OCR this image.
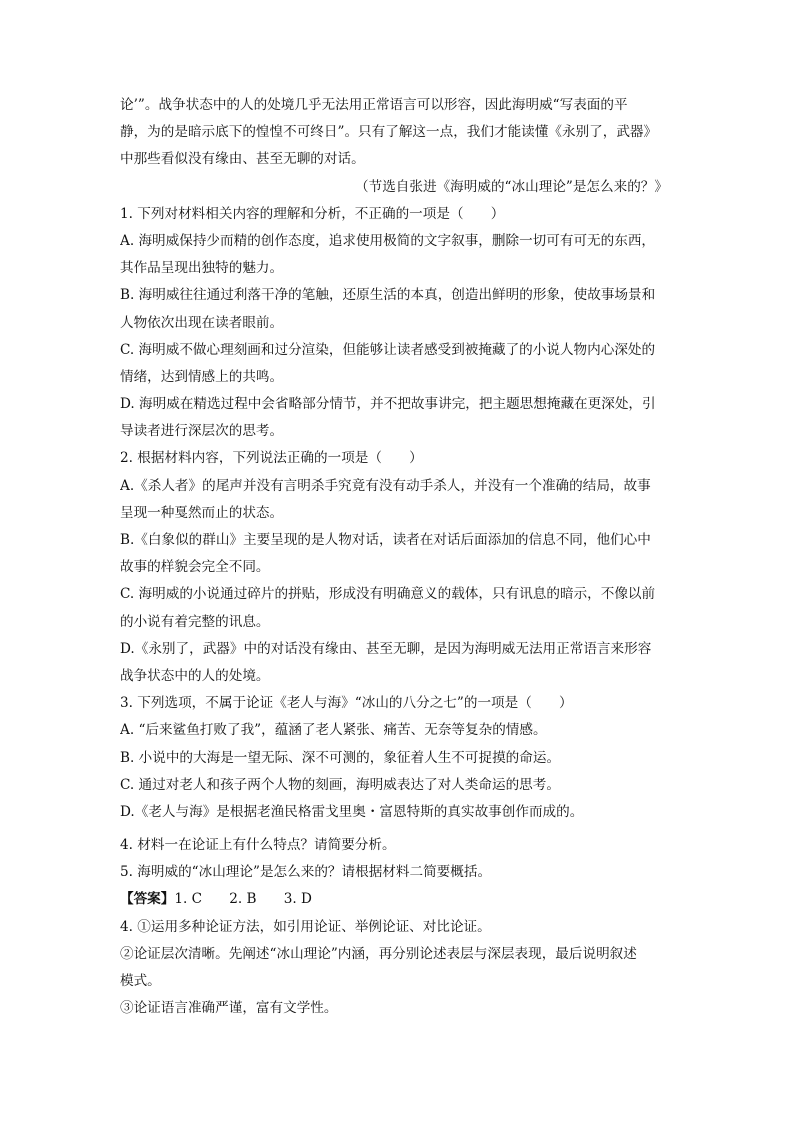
论’”。战争状态中的人的处境几乎无法用正常语言可以形容，因此海明威“写表面的平
静，为的是暗示底下的惶惶不可终日”。只有了解这一点，我们才能读懂《永别了，武器》
中那些看似没有缘由、甚至无聊的对话。
（节选自张进《海明威的“冰山理论”是怎么来的？》
1. 下列对材料相关内容的理解和分析，不正确的一项是（　　）
A. 海明威保持少而精的创作态度，追求使用极简的文字叙事，删除一切可有可无的东西，
其作品呈现出独特的魅力。
B. 海明威往往通过利落干净的笔触，还原生活的本真，创造出鲜明的形象，使故事场景和
人物依次出现在读者眼前。
C. 海明威不做心理刻画和过分渲染，但能够让读者感受到被掩藏了的小说人物内心深处的
情绪，达到情感上的共鸣。
D. 海明威在精选过程中会省略部分情节，并不把故事讲完，把主题思想掩藏在更深处，引
导读者进行深层次的思考。
2. 根据材料内容，下列说法正确的一项是（　　）
A.《杀人者》的尾声并没有言明杀手究竟有没有动手杀人，并没有一个准确的结局，故事
呈现一种戛然而止的状态。
B.《白象似的群山》主要呈现的是人物对话，读者在对话后面添加的信息不同，他们心中
故事的样貌会完全不同。
C. 海明威的小说通过碎片的拼贴，形成没有明确意义的载体，只有讯息的暗示，不像以前
的小说有着完整的讯息。
D.《永别了，武器》中的对话没有缘由、甚至无聊，是因为海明威无法用正常语言来形容
战争状态中的人的处境。
3. 下列选项，不属于论证《老人与海》“冰山的八分之七”的一项是（　　）
A. “后来鲨鱼打败了我”，蕴涵了老人紧张、痛苦、无奈等复杂的情感。
B. 小说中的大海是一望无际、深不可测的，象征着人生不可捉摸的命运。
C. 通过对老人和孩子两个人物的刻画，海明威表达了对人类命运的思考。
D.《老人与海》是根据老渔民格雷戈里奥・富恩特斯的真实故事创作而成的。
4. 材料一在论证上有什么特点？请简要分析。
5. 海明威的“冰山理论”是怎么来的？请根据材料二简要概括。
【答案】1. C　　2. B　　3. D
4. ①运用多种论证方法，如引用论证、举例论证、对比论证。
②论证层次清晰。先阐述“冰山理论”内涵，再分别论述表层与深层表现，最后说明叙述
模式。
③论证语言准确严谨，富有文学性。
